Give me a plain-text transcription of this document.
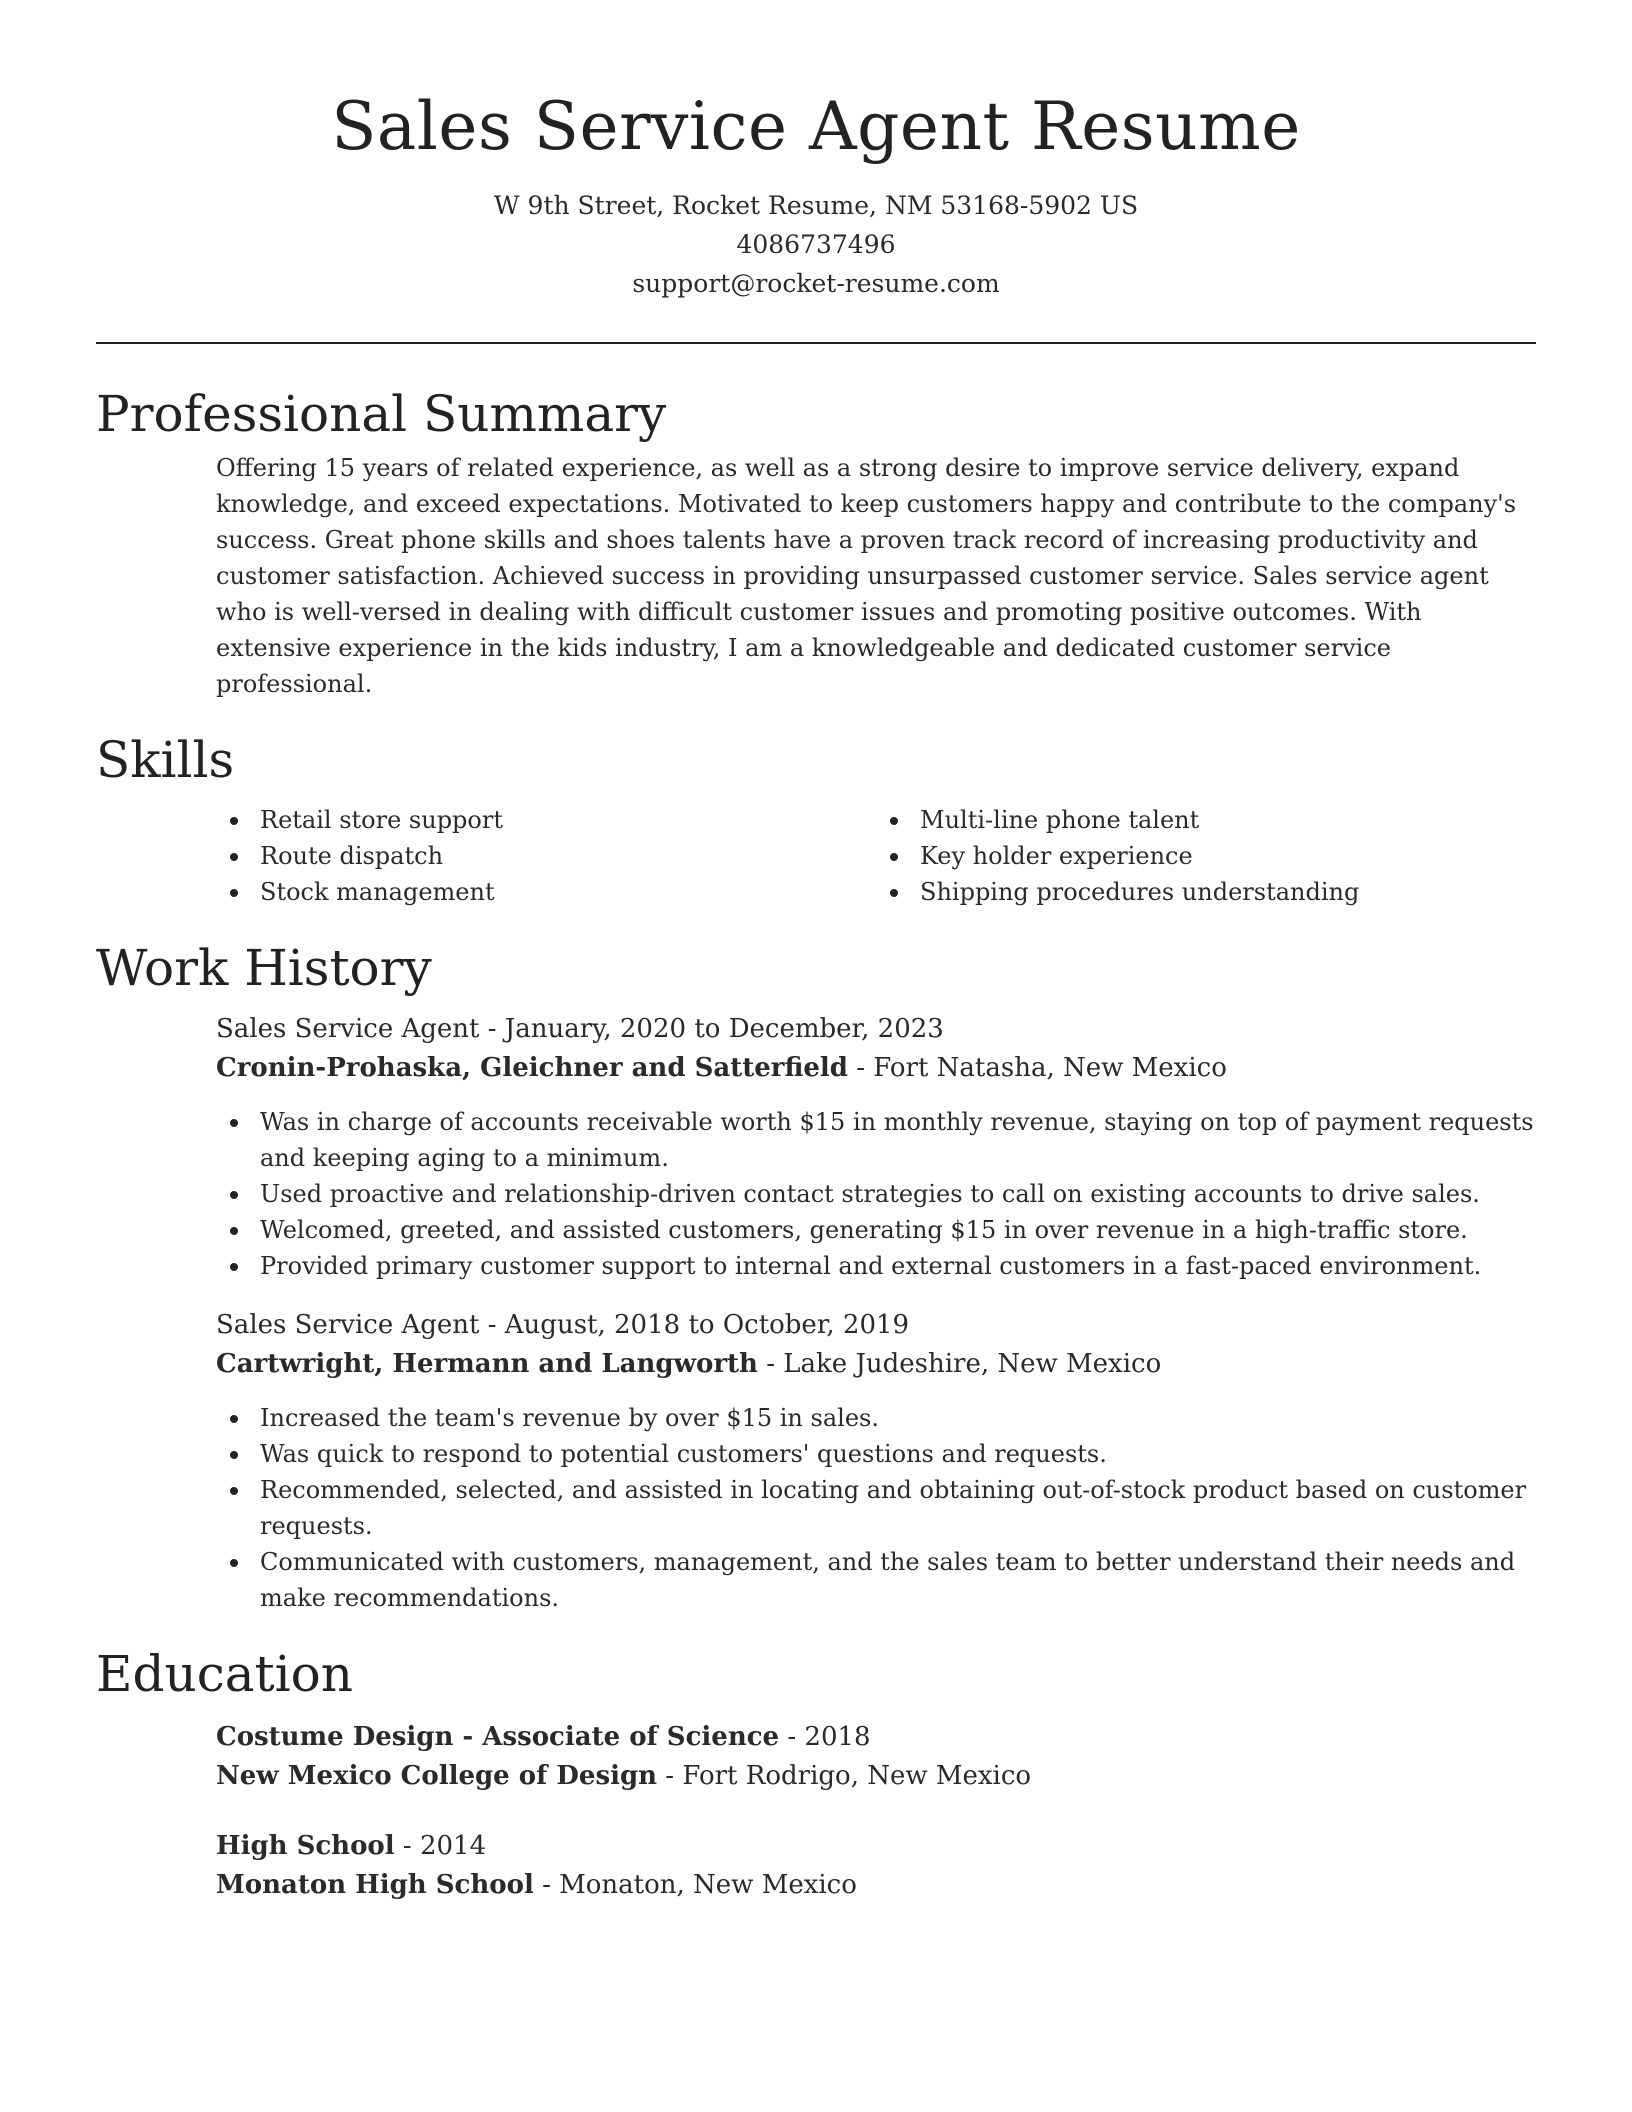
Sales Service Agent Resume
W 9th Street, Rocket Resume, NM 53168-5902 US
4086737496
support@rocket-resume.com
Professional Summary

Offering 15 years of related experience, as well as a strong desire to improve service delivery, expand knowledge, and exceed expectations. Motivated to keep customers happy and contribute to the company's success. Great phone skills and shoes talents have a proven track record of increasing productivity and customer satisfaction. Achieved success in providing unsurpassed customer service. Sales service agent who is well-versed in dealing with difficult customer issues and promoting positive outcomes. With extensive experience in the kids industry, I am a knowledgeable and dedicated customer service professional.

Skills
Retail store support
Route dispatch
Stock management
Multi-line phone talent
Key holder experience
Shipping procedures understanding
Work History
Sales Service Agent - January, 2020 to December, 2023
Cronin-Prohaska, Gleichner and Satterfield - Fort Natasha, New Mexico
Was in charge of accounts receivable worth $15 in monthly revenue, staying on top of payment requests and keeping aging to a minimum.
Used proactive and relationship-driven contact strategies to call on existing accounts to drive sales.
Welcomed, greeted, and assisted customers, generating $15 in over revenue in a high-traffic store.
Provided primary customer support to internal and external customers in a fast-paced environment.
Sales Service Agent - August, 2018 to October, 2019
Cartwright, Hermann and Langworth - Lake Judeshire, New Mexico
Increased the team's revenue by over $15 in sales.
Was quick to respond to potential customers' questions and requests.
Recommended, selected, and assisted in locating and obtaining out-of-stock product based on customer requests.
Communicated with customers, management, and the sales team to better understand their needs and make recommendations.
Education
Costume Design - Associate of Science - 2018
New Mexico College of Design - Fort Rodrigo, New Mexico
High School - 2014
Monaton High School - Monaton, New Mexico
